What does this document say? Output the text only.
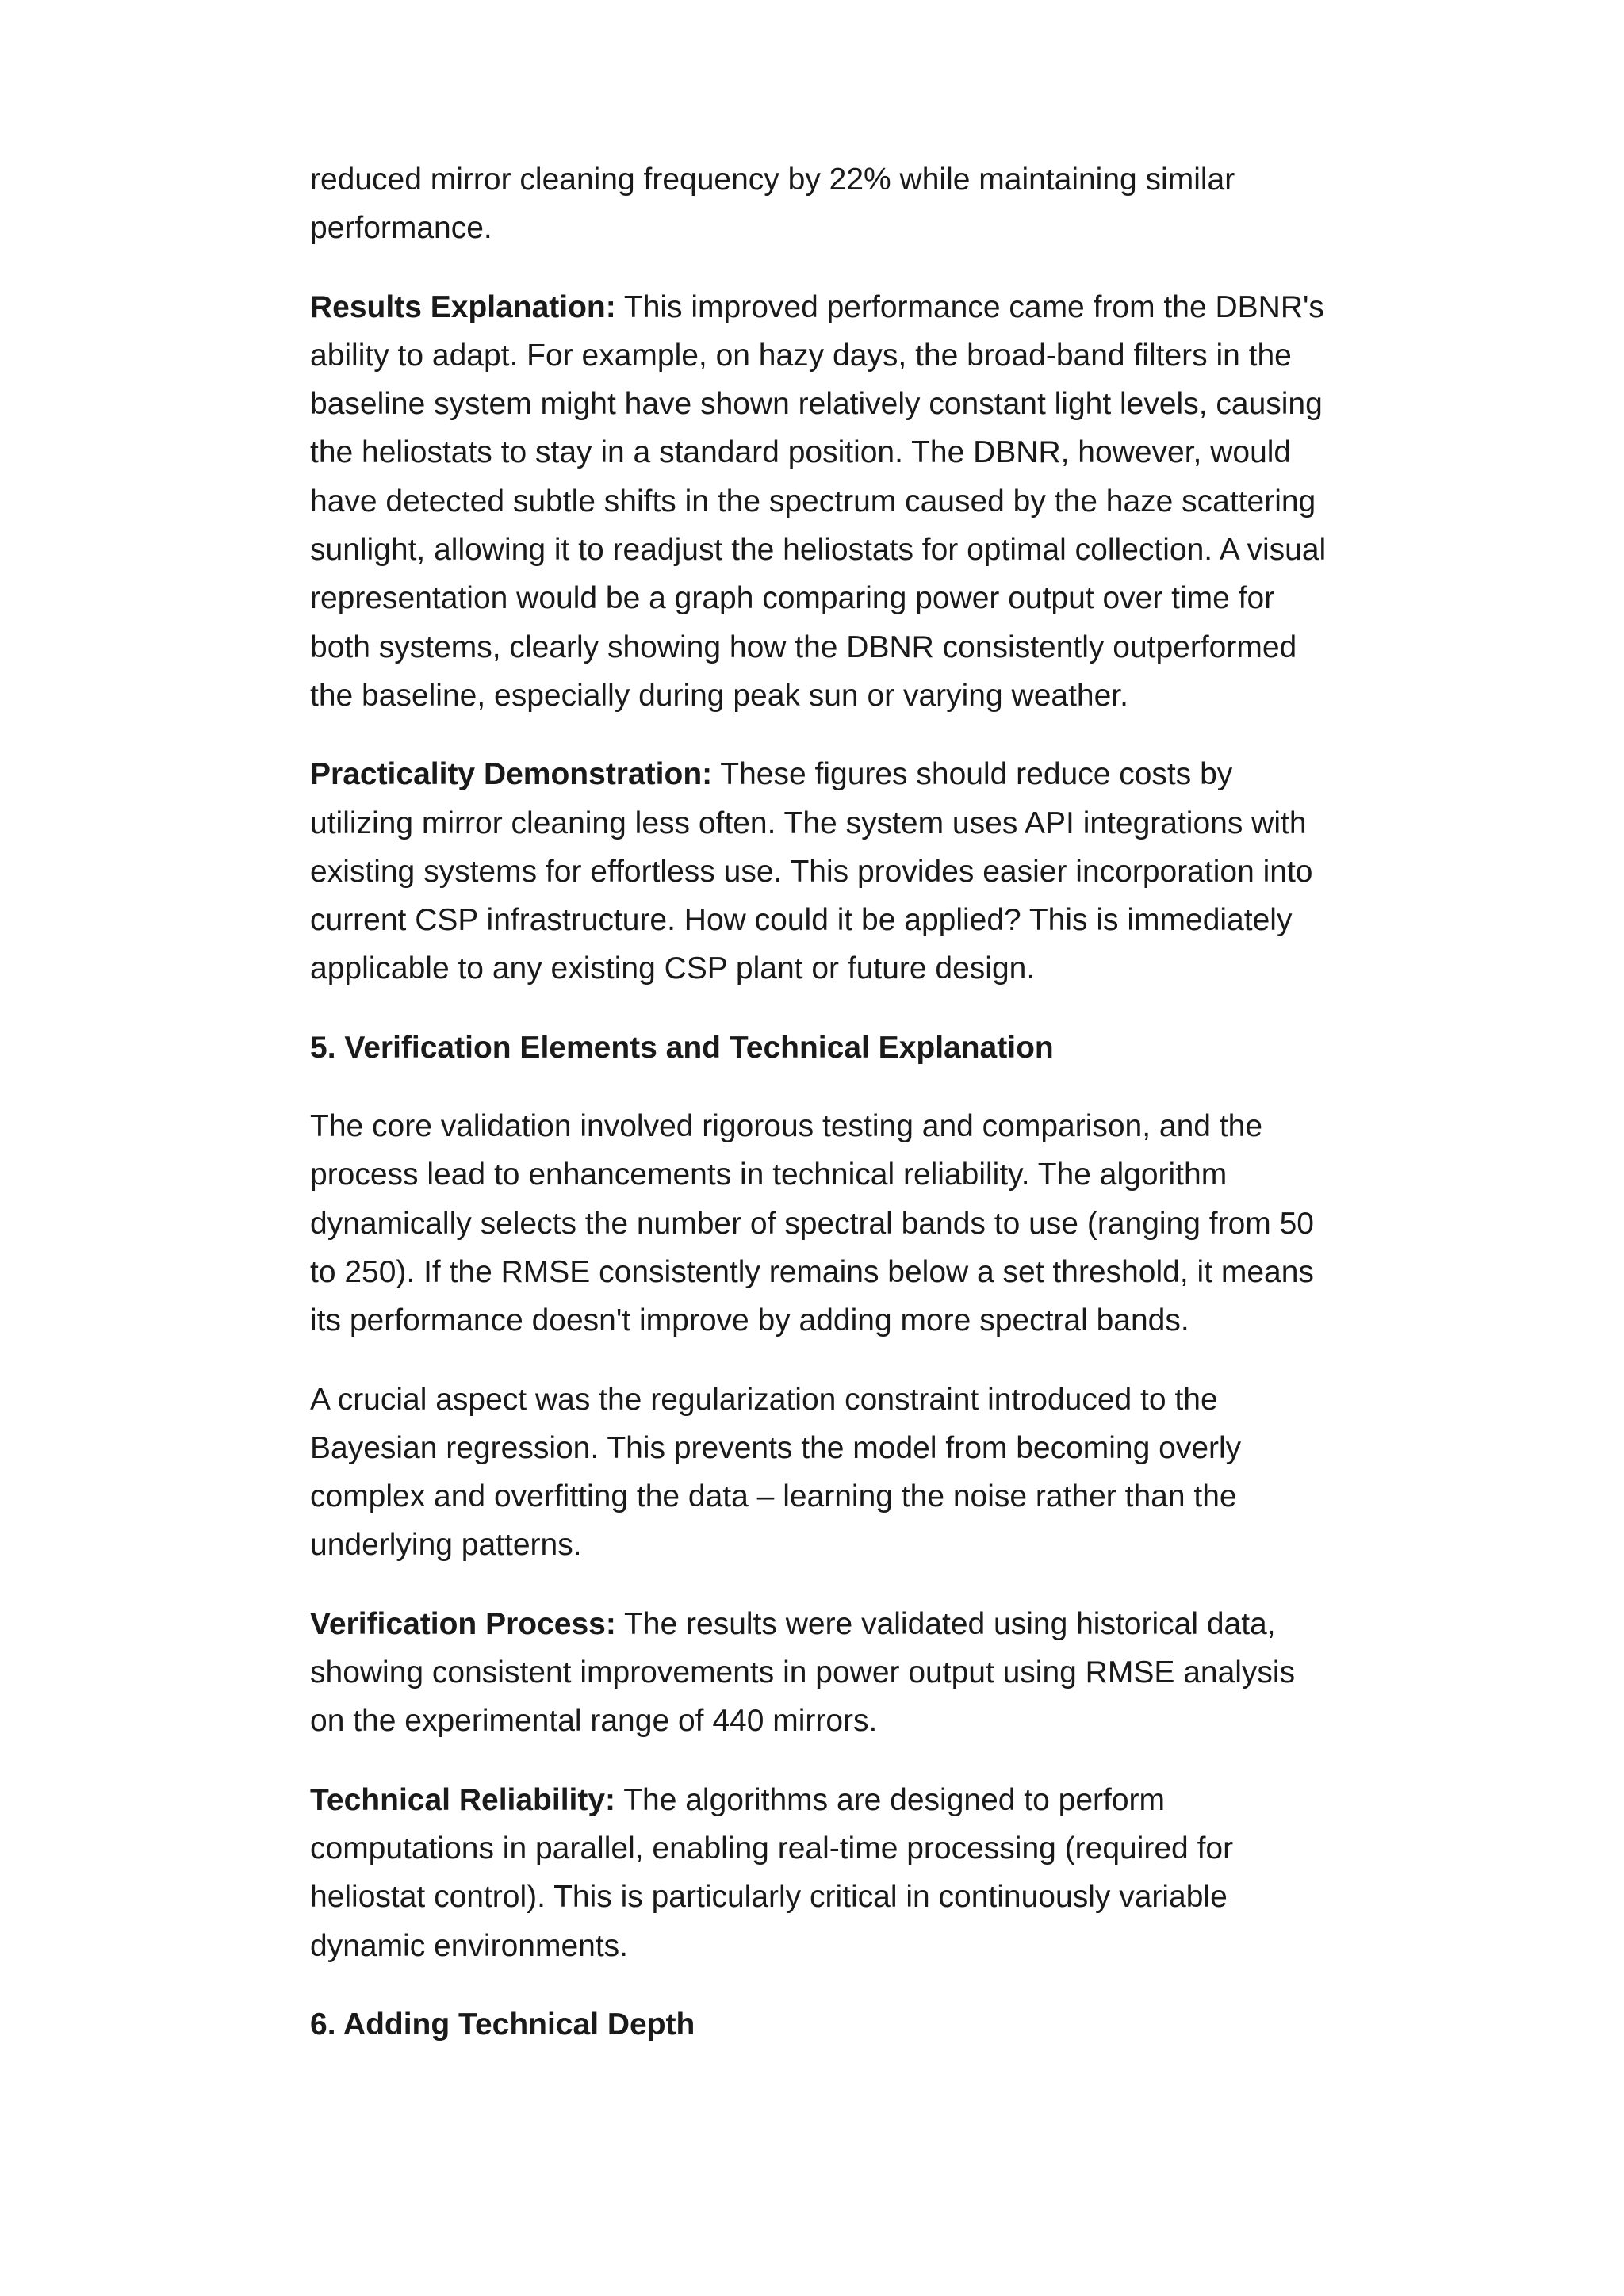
reduced mirror cleaning frequency by 22% while maintaining similar performance.

Results Explanation: This improved performance came from the DBNR's ability to adapt. For example, on hazy days, the broad-band filters in the baseline system might have shown relatively constant light levels, causing the heliostats to stay in a standard position. The DBNR, however, would have detected subtle shifts in the spectrum caused by the haze scattering sunlight, allowing it to readjust the heliostats for optimal collection. A visual representation would be a graph comparing power output over time for both systems, clearly showing how the DBNR consistently outperformed the baseline, especially during peak sun or varying weather.

Practicality Demonstration: These figures should reduce costs by utilizing mirror cleaning less often. The system uses API integrations with existing systems for effortless use. This provides easier incorporation into current CSP infrastructure. How could it be applied? This is immediately applicable to any existing CSP plant or future design.

5. Verification Elements and Technical Explanation

The core validation involved rigorous testing and comparison, and the process lead to enhancements in technical reliability. The algorithm dynamically selects the number of spectral bands to use (ranging from 50 to 250). If the RMSE consistently remains below a set threshold, it means its performance doesn't improve by adding more spectral bands.

A crucial aspect was the regularization constraint introduced to the Bayesian regression. This prevents the model from becoming overly complex and overfitting the data – learning the noise rather than the underlying patterns.

Verification Process: The results were validated using historical data, showing consistent improvements in power output using RMSE analysis on the experimental range of 440 mirrors.

Technical Reliability: The algorithms are designed to perform computations in parallel, enabling real-time processing (required for heliostat control). This is particularly critical in continuously variable dynamic environments.

6. Adding Technical Depth
